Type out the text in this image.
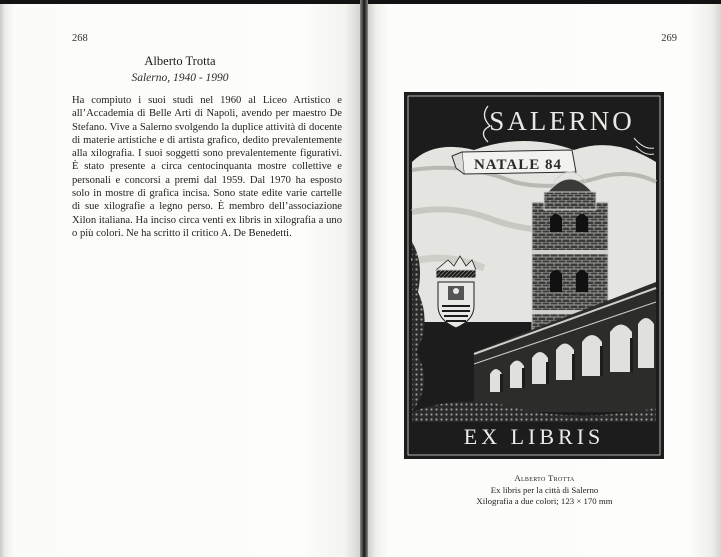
268
Alberto Trotta
Salerno, 1940 - 1990

Ha compiuto i suoi studi nel 1960 al Liceo Artistico e all’Accademia di Belle Arti di Napoli, avendo per maestro De Stefano. Vive a Salerno svolgendo la duplice attività di docente di materie artistiche e di artista grafico, dedito prevalentemente alla xilografia. I suoi soggetti sono prevalentemente figurativi. È stato presente a circa centocinquanta mostre collettive e personali e concorsi a premi dal 1959. Dal 1970 ha esposto solo in mostre di grafica incisa. Sono state edite varie cartelle di sue xilografie a legno perso. È membro dell’associazione Xilon italiana. Ha inciso circa venti ex libris in xilografia a uno o più colori. Ne ha scritto il critico A. De Benedetti.

269
SALERNO
NATALE 84
EX LIBRIS
Alberto Trotta
Ex libris per la città di Salerno
Xilografia a due colori; 123 × 170 mm
